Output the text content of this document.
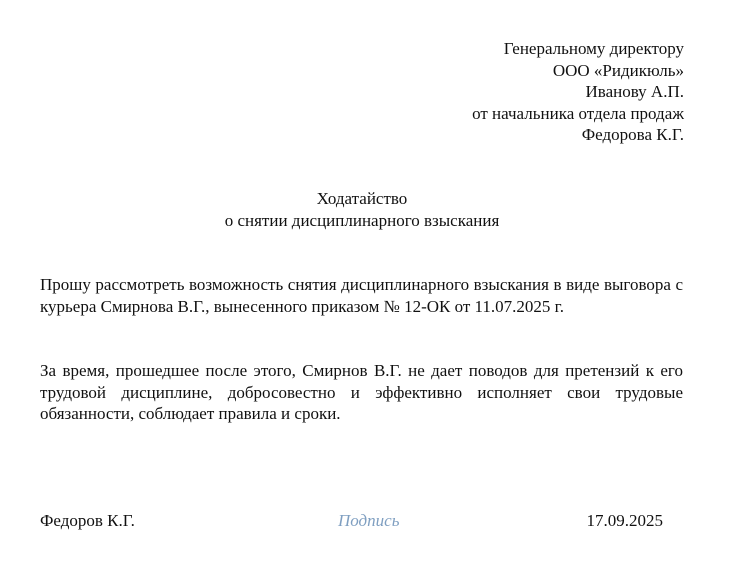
Генеральному директору
ООО «Ридикюль»
Иванову А.П.
от начальника отдела продаж
Федорова К.Г.
Ходатайство
о снятии дисциплинарного взыскания
Прошу рассмотреть возможность снятия дисциплинарного взыскания в виде выговора с курьера Смирнова В.Г., вынесенного приказом № 12-ОК от 11.07.2025 г.
За время, прошедшее после этого, Смирнов В.Г. не дает поводов для претензий к его трудовой дисциплине, добросовестно и эффективно исполняет свои трудовые обязанности, соблюдает правила и сроки.
Федоров К.Г.	Подпись	17.09.2025
